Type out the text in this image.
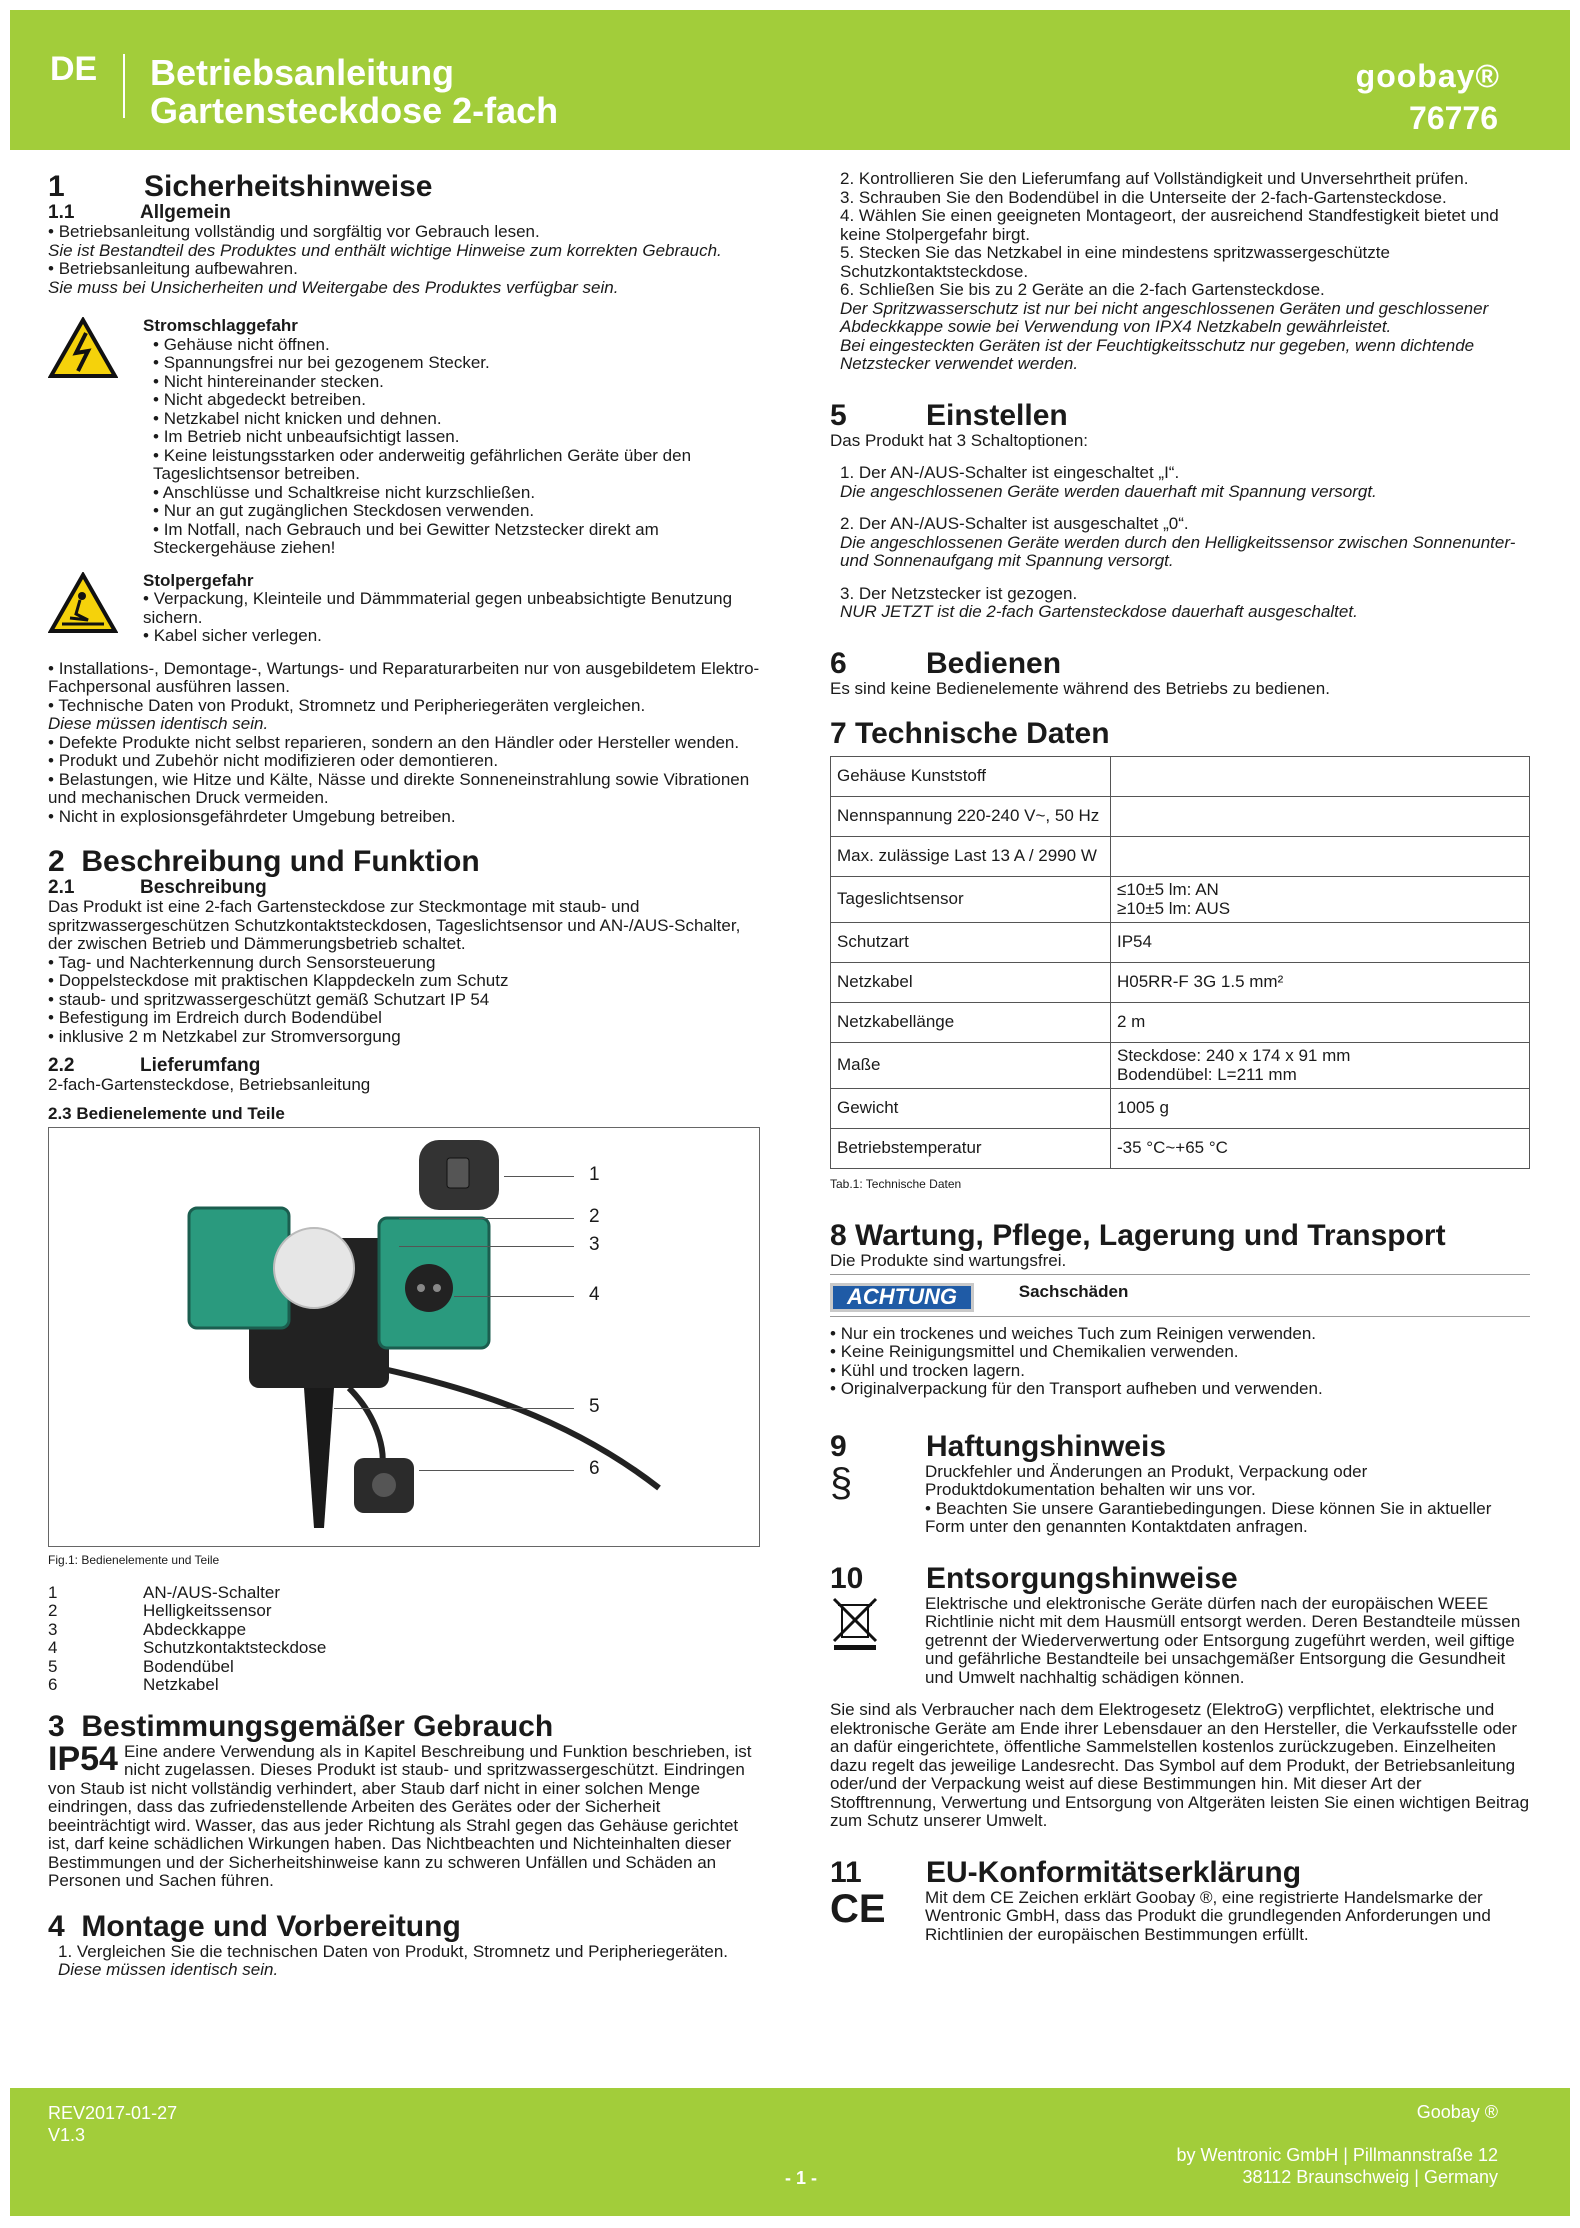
DE Betriebsanleitung
Gartensteckdose 2-fach
goobay®
76776
1	Sicherheitshinweise
1.1	Allgemein
• Betriebsanleitung vollständig und sorgfältig vor Gebrauch lesen.
Sie ist Bestandteil des Produktes und enthält wichtige Hinweise zum korrekten Gebrauch.
• Betriebsanleitung aufbewahren.
Sie muss bei Unsicherheiten und Weitergabe des Produktes verfügbar sein.
Stromschlaggefahr
• Gehäuse nicht öffnen.
• Spannungsfrei nur bei gezogenem Stecker.
• Nicht hintereinander stecken.
• Nicht abgedeckt betreiben.
• Netzkabel nicht knicken und dehnen.
• Im Betrieb nicht unbeaufsichtigt lassen.
• Keine leistungsstarken oder anderweitig gefährlichen Geräte über den Tageslichtsensor betreiben.
• Anschlüsse und Schaltkreise nicht kurzschließen.
• Nur an gut zugänglichen Steckdosen verwenden.
• Im Notfall, nach Gebrauch und bei Gewitter Netzstecker direkt am Steckergehäuse ziehen!
Stolpergefahr
• Verpackung, Kleinteile und Dämmmaterial gegen unbeabsichtigte Benutzung sichern.
• Kabel sicher verlegen.
• Installations-, Demontage-, Wartungs- und Reparaturarbeiten nur von ausgebildetem Elektro-Fachpersonal ausführen lassen.
• Technische Daten von Produkt, Stromnetz und Peripheriegeräten vergleichen.
Diese müssen identisch sein.
• Defekte Produkte nicht selbst reparieren, sondern an den Händler oder Hersteller wenden.
• Produkt und Zubehör nicht modifizieren oder demontieren.
• Belastungen, wie Hitze und Kälte, Nässe und direkte Sonneneinstrahlung sowie Vibrationen und mechanischen Druck vermeiden.
• Nicht in explosionsgefährdeter Umgebung betreiben.
2 Beschreibung und Funktion
2.1	Beschreibung
Das Produkt ist eine 2-fach Gartensteckdose zur Steckmontage mit staub- und spritzwassergeschützen Schutzkontaktsteckdosen, Tageslichtsensor und AN-/AUS-Schalter, der zwischen Betrieb und Dämmerungsbetrieb schaltet.
• Tag- und Nachterkennung durch Sensorsteuerung
• Doppelsteckdose mit praktischen Klappdeckeln zum Schutz
• staub- und spritzwassergeschützt gemäß Schutzart IP 54
• Befestigung im Erdreich durch Bodendübel
• inklusive 2 m Netzkabel zur Stromversorgung
2.2	Lieferumfang
2-fach-Gartensteckdose, Betriebsanleitung
2.3 Bedienelemente und Teile
1
2
3
4
5
6
Fig.1: Bedienelemente und Teile
1	AN-/AUS-Schalter
2	Helligkeitssensor
3	Abdeckkappe
4	Schutzkontaktsteckdose
5	Bodendübel
6	Netzkabel
3 Bestimmungsgemäßer Gebrauch
IP54 Eine andere Verwendung als in Kapitel Beschreibung und Funktion beschrieben, ist nicht zugelassen. Dieses Produkt ist staub- und spritzwassergeschützt. Eindringen von Staub ist nicht vollständig verhindert, aber Staub darf nicht in einer solchen Menge eindringen, dass das zufriedenstellende Arbeiten des Gerätes oder der Sicherheit beeinträchtigt wird. Wasser, das aus jeder Richtung als Strahl gegen das Gehäuse gerichtet ist, darf keine schädlichen Wirkungen haben. Das Nichtbeachten und Nichteinhalten dieser Bestimmungen und der Sicherheitshinweise kann zu schweren Unfällen und Schäden an Personen und Sachen führen.
4 Montage und Vorbereitung
1. Vergleichen Sie die technischen Daten von Produkt, Stromnetz und Peripheriegeräten.
Diese müssen identisch sein.
2. Kontrollieren Sie den Lieferumfang auf Vollständigkeit und Unversehrtheit prüfen.
3. Schrauben Sie den Bodendübel in die Unterseite der 2-fach-Gartensteckdose.
4. Wählen Sie einen geeigneten Montageort, der ausreichend Standfestigkeit bietet und keine Stolpergefahr birgt.
5. Stecken Sie das Netzkabel in eine mindestens spritzwassergeschützte Schutzkontaktsteckdose.
6. Schließen Sie bis zu 2 Geräte an die 2-fach Gartensteckdose.
Der Spritzwasserschutz ist nur bei nicht angeschlossenen Geräten und geschlossener Abdeckkappe sowie bei Verwendung von IPX4 Netzkabeln gewährleistet.
Bei eingesteckten Geräten ist der Feuchtigkeitsschutz nur gegeben, wenn dichtende Netzstecker verwendet werden.
5	Einstellen
Das Produkt hat 3 Schaltoptionen:
1. Der AN-/AUS-Schalter ist eingeschaltet „I“.
Die angeschlossenen Geräte werden dauerhaft mit Spannung versorgt.
2. Der AN-/AUS-Schalter ist ausgeschaltet „0“.
Die angeschlossenen Geräte werden durch den Helligkeitssensor zwischen Sonnenunter- und Sonnenaufgang mit Spannung versorgt.
3. Der Netzstecker ist gezogen.
NUR JETZT ist die 2-fach Gartensteckdose dauerhaft ausgeschaltet.
6	Bedienen
Es sind keine Bedienelemente während des Betriebs zu bedienen.
7 Technische Daten
Gehäuse Kunststoff	
Nennspannung 220-240 V~, 50 Hz	
Max. zulässige Last 13 A / 2990 W	
Tageslichtsensor	≤10±5 lm: AN
≥10±5 lm: AUS
Schutzart	IP54
Netzkabel	H05RR-F 3G 1.5 mm²
Netzkabellänge	2 m
Maße	Steckdose: 240 x 174 x 91 mm
Bodendübel: L=211 mm
Gewicht	1005 g
Betriebstemperatur	-35 °C~+65 °C
Tab.1: Technische Daten
8 Wartung, Pflege, Lagerung und Transport
Die Produkte sind wartungsfrei.
ACHTUNG	Sachschäden
• Nur ein trockenes und weiches Tuch zum Reinigen verwenden.
• Keine Reinigungsmittel und Chemikalien verwenden.
• Kühl und trocken lagern.
• Originalverpackung für den Transport aufheben und verwenden.
9	Haftungshinweis
§	Druckfehler und Änderungen an Produkt, Verpackung oder Produktdokumentation behalten wir uns vor.
• Beachten Sie unsere Garantiebedingungen. Diese können Sie in aktueller Form unter den genannten Kontaktdaten anfragen.
10 Entsorgungshinweise
Elektrische und elektronische Geräte dürfen nach der europäischen WEEE Richtlinie nicht mit dem Hausmüll entsorgt werden. Deren Bestandteile müssen getrennt der Wiederverwertung oder Entsorgung zugeführt werden, weil giftige und gefährliche Bestandteile bei unsachgemäßer Entsorgung die Gesundheit und Umwelt nachhaltig schädigen können.
Sie sind als Verbraucher nach dem Elektrogesetz (ElektroG) verpflichtet, elektrische und elektronische Geräte am Ende ihrer Lebensdauer an den Hersteller, die Verkaufsstelle oder an dafür eingerichtete, öffentliche Sammelstellen kostenlos zurückzugeben. Einzelheiten dazu regelt das jeweilige Landesrecht. Das Symbol auf dem Produkt, der Betriebsanleitung oder/und der Verpackung weist auf diese Bestimmungen hin. Mit dieser Art der Stofftrennung, Verwertung und Entsorgung von Altgeräten leisten Sie einen wichtigen Beitrag zum Schutz unserer Umwelt.
11 EU-Konformitätserklärung
CE Mit dem CE Zeichen erklärt Goobay ®, eine registrierte Handelsmarke der Wentronic GmbH, dass das Produkt die grundlegenden Anforderungen und Richtlinien der europäischen Bestimmungen erfüllt.
REV2017-01-27
V1.3
Goobay ®
- 1 -
by Wentronic GmbH | Pillmannstraße 12
38112 Braunschweig | Germany
